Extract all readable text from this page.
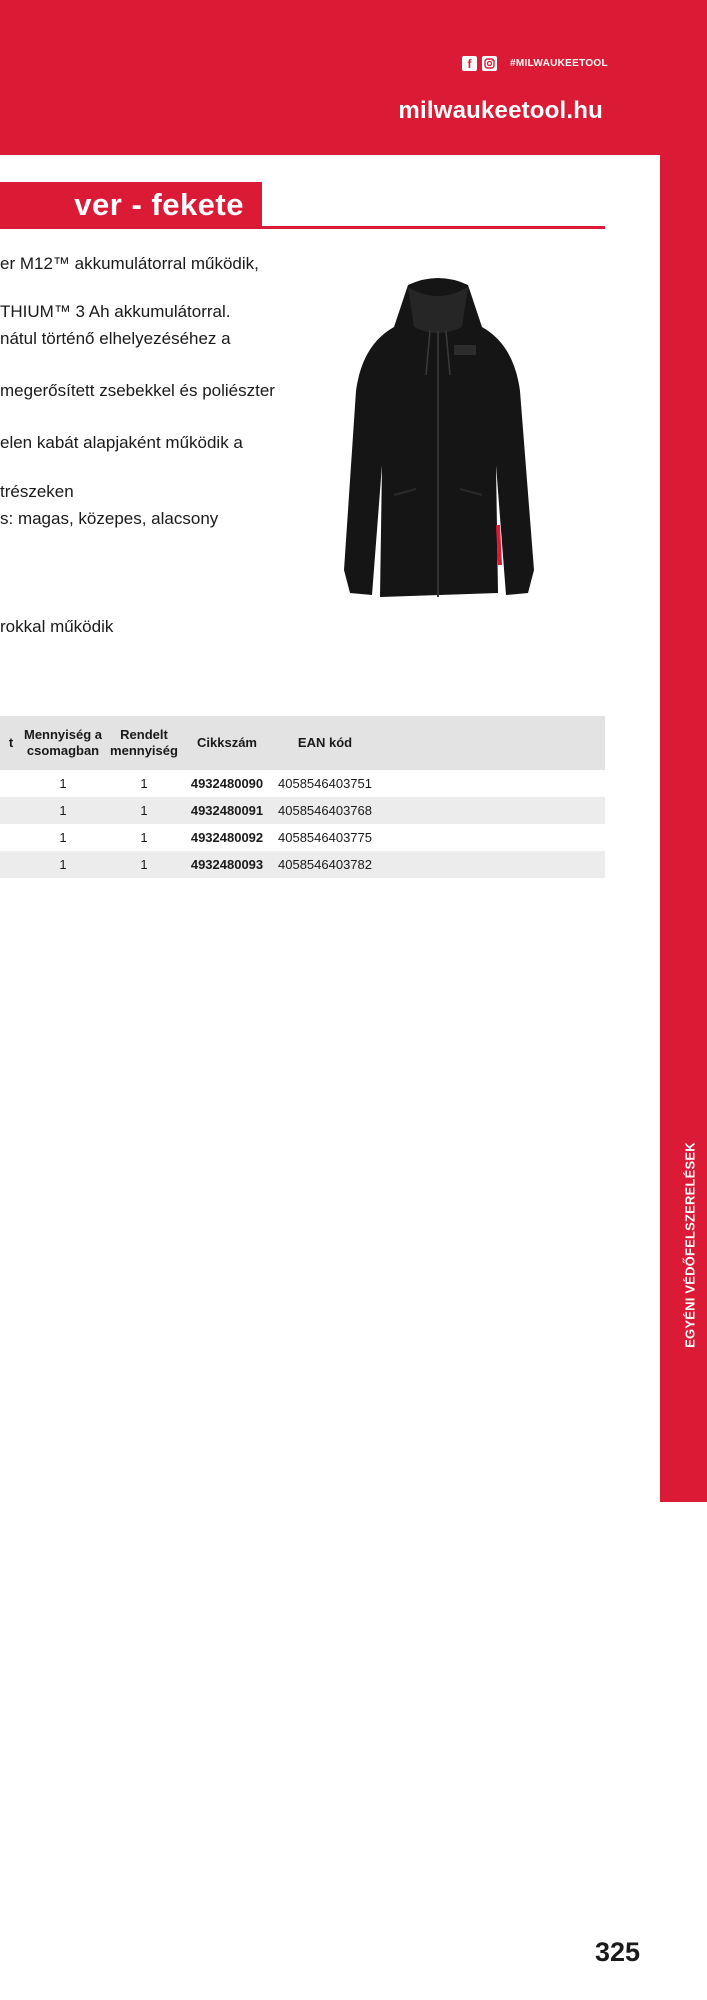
f	#MILWAUKEETOOL
milwaukeetool.hu
ver - fekete
er M12™ akkumulátorral működik,
THIUM™ 3 Ah akkumulátorral.
nátul történő elhelyezéséhez a
megerősített zsebekkel és poliészter
elen kabát alapjaként működik a
trészeken
s: magas, közepes, alacsony
rokkal működik
t	Mennyiség a csomagban	Rendelt mennyiség	Cikkszám	EAN kód	
	1	1	4932480090	4058546403751	
	1	1	4932480091	4058546403768	
	1	1	4932480092	4058546403775	
	1	1	4932480093	4058546403782	
EGYÉNI VÉDŐFELSZERELÉSEK
325
